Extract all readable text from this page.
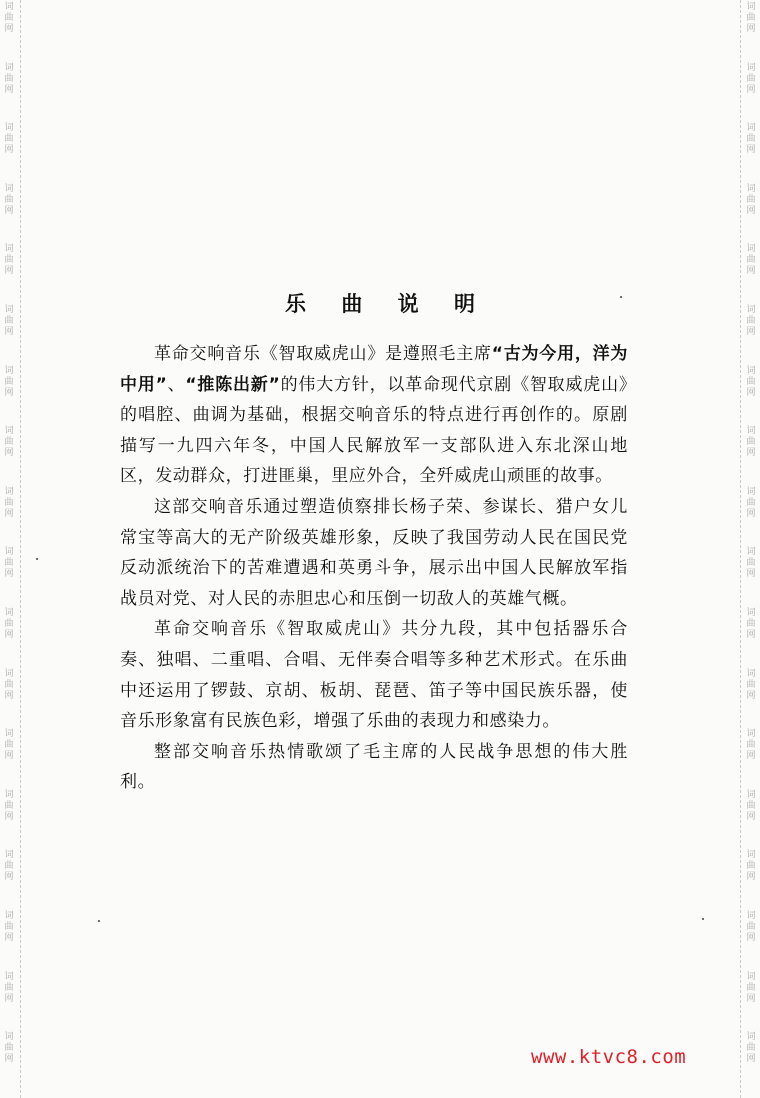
词
曲
网
词
曲
网
词
曲
网
词
曲
网
词
曲
网
词
曲
网
词
曲
网
词
曲
网
词
曲
网
词
曲
网
词
曲
网
词
曲
网
词
曲
网
词
曲
网
词
曲
网
词
曲
网
词
曲
网
词
曲
网
词
曲
网
词
曲
网
词
曲
网
词
曲
网
词
曲
网
词
曲
网
词
曲
网
词
曲
网
词
曲
网
词
曲
网
词
曲
网
词
曲
网
词
曲
网
词
曲
网
词
曲
网
词
曲
网
词
曲
网
词
曲
网
乐 曲 说 明

革命交响音乐《智取威虎山》是遵照毛主席“古为今用，洋为中用”、“推陈出新”的伟大方针，以革命现代京剧《智取威虎山》的唱腔、曲调为基础，根据交响音乐的特点进行再创作的。原剧描写一九四六年冬，中国人民解放军一支部队进入东北深山地区，发动群众，打进匪巢，里应外合，全歼威虎山顽匪的故事。

这部交响音乐通过塑造侦察排长杨子荣、参谋长、猎户女儿常宝等高大的无产阶级英雄形象，反映了我国劳动人民在国民党反动派统治下的苦难遭遇和英勇斗争，展示出中国人民解放军指战员对党、对人民的赤胆忠心和压倒一切敌人的英雄气概。

革命交响音乐《智取威虎山》共分九段，其中包括器乐合奏、独唱、二重唱、合唱、无伴奏合唱等多种艺术形式。在乐曲中还运用了锣鼓、京胡、板胡、琵琶、笛子等中国民族乐器，使音乐形象富有民族色彩，增强了乐曲的表现力和感染力。

整部交响音乐热情歌颂了毛主席的人民战争思想的伟大胜利。

www.ktvc8.com
